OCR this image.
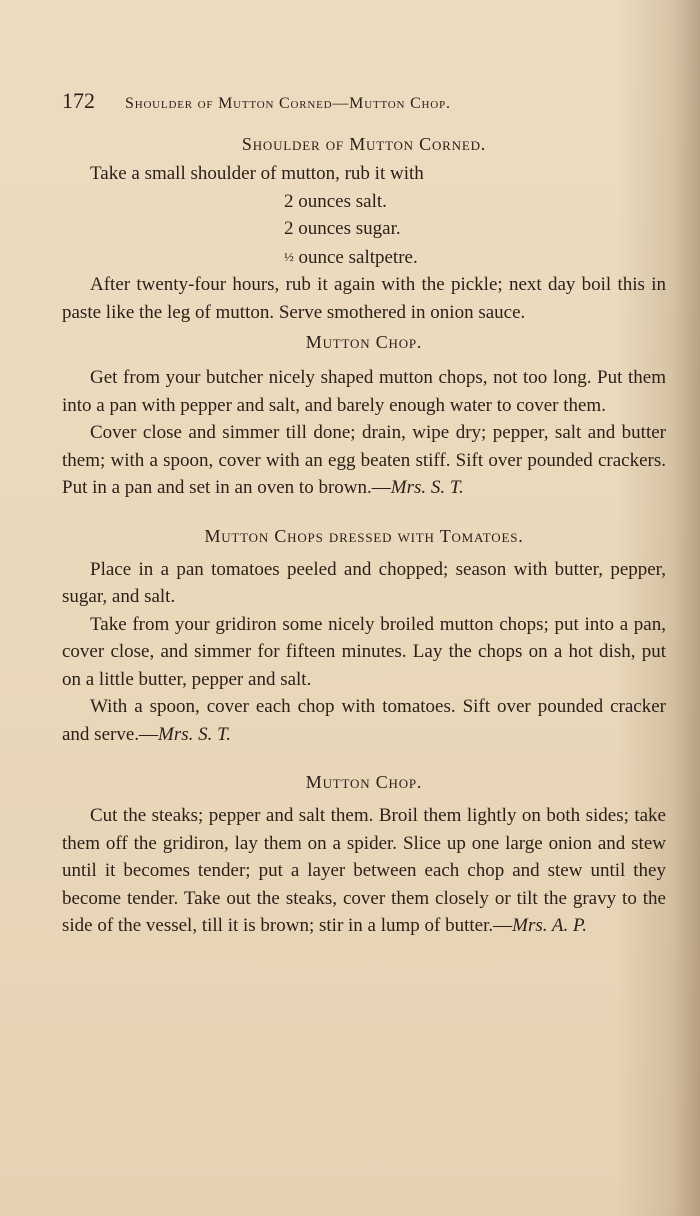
172 Shoulder of Mutton Corned—Mutton Chop.
Shoulder of Mutton Corned.

Take a small shoulder of mutton, rub it with

2 ounces salt.
2 ounces sugar.
½ ounce saltpetre.

After twenty-four hours, rub it again with the pickle; next day boil this in paste like the leg of mutton. Serve smothered in onion sauce.

Mutton Chop.

Get from your butcher nicely shaped mutton chops, not too long. Put them into a pan with pepper and salt, and barely enough water to cover them.

Cover close and simmer till done; drain, wipe dry; pepper, salt and butter them; with a spoon, cover with an egg beaten stiff. Sift over pounded crackers. Put in a pan and set in an oven to brown.—Mrs. S. T.

Mutton Chops dressed with Tomatoes.

Place in a pan tomatoes peeled and chopped; season with butter, pepper, sugar, and salt.

Take from your gridiron some nicely broiled mutton chops; put into a pan, cover close, and simmer for fifteen minutes. Lay the chops on a hot dish, put on a little butter, pepper and salt.

With a spoon, cover each chop with tomatoes. Sift over pounded cracker and serve.—Mrs. S. T.

Mutton Chop.

Cut the steaks; pepper and salt them. Broil them lightly on both sides; take them off the gridiron, lay them on a spider. Slice up one large onion and stew until it becomes tender; put a layer between each chop and stew until they become tender. Take out the steaks, cover them closely or tilt the gravy to the side of the vessel, till it is brown; stir in a lump of butter.—Mrs. A. P.
